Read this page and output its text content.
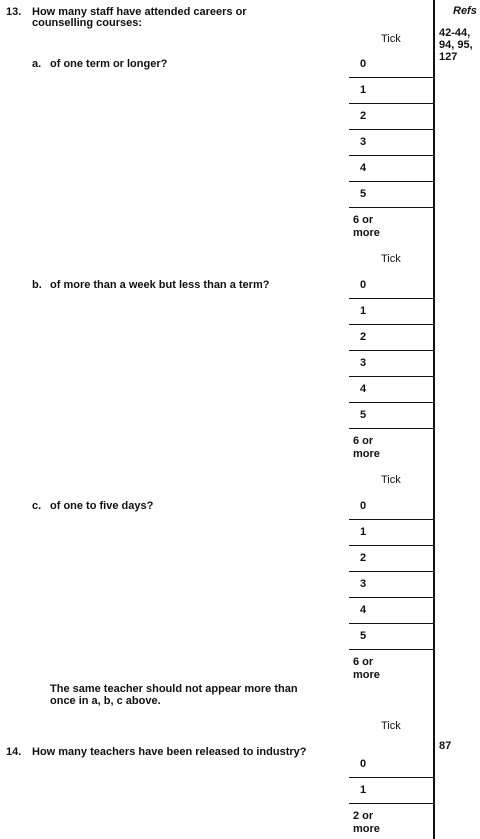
Refs
13. How many staff have attended careers or
counselling courses:
42-44,
94, 95,
127
Tick
a. of one term or longer?	0
1
2
3
4
5
6 or
more
Tick
b. of more than a week but less than a term?	0
1
2
3
4
5
6 or
more
Tick
c. of one to five days?	0
1
2
3
4
5
6 or
more
The same teacher should not appear more than
once in a, b, c above.
Tick
87
14. How many teachers have been released to industry?
0
1
2 or
more
